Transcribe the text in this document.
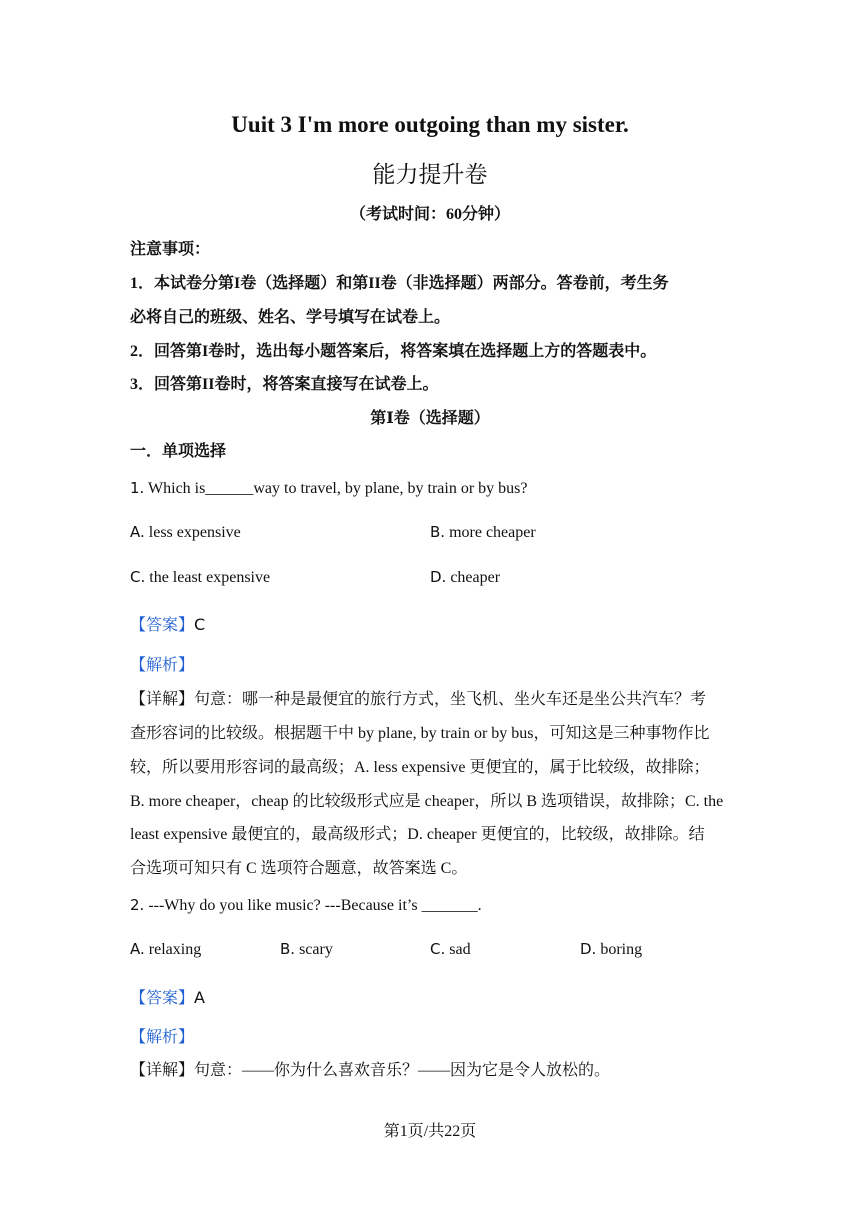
Uuit 3 I'm more outgoing than my sister.
能力提升卷
（考试时间：60分钟）
注意事项：
1．本试卷分第I卷（选择题）和第II卷（非选择题）两部分。答卷前，考生务
必将自己的班级、姓名、学号填写在试卷上。
2．回答第I卷时，选出每小题答案后，将答案填在选择题上方的答题表中。
3．回答第II卷时，将答案直接写在试卷上。
第Ⅰ卷（选择题）
一．单项选择
1. Which is______way to travel, by plane, by train or by bus?
A. less expensive	B. more cheaper
C. the least expensive	D. cheaper
【答案】C
【解析】
【详解】句意：哪一种是最便宜的旅行方式，坐飞机、坐火车还是坐公共汽车？考
查形容词的比较级。根据题干中 by plane, by train or by bus，可知这是三种事物作比
较，所以要用形容词的最高级；A. less expensive 更便宜的，属于比较级，故排除；
B. more cheaper，cheap 的比较级形式应是 cheaper，所以 B 选项错误，故排除；C. the
least expensive 最便宜的，最高级形式；D. cheaper 更便宜的，比较级，故排除。结
合选项可知只有 C 选项符合题意，故答案选 C。
2. ---Why do you like music? ---Because it’s _______.
A. relaxing	B. scary	C. sad	D. boring
【答案】A
【解析】
【详解】句意：——你为什么喜欢音乐？——因为它是令人放松的。
第1页/共22页
